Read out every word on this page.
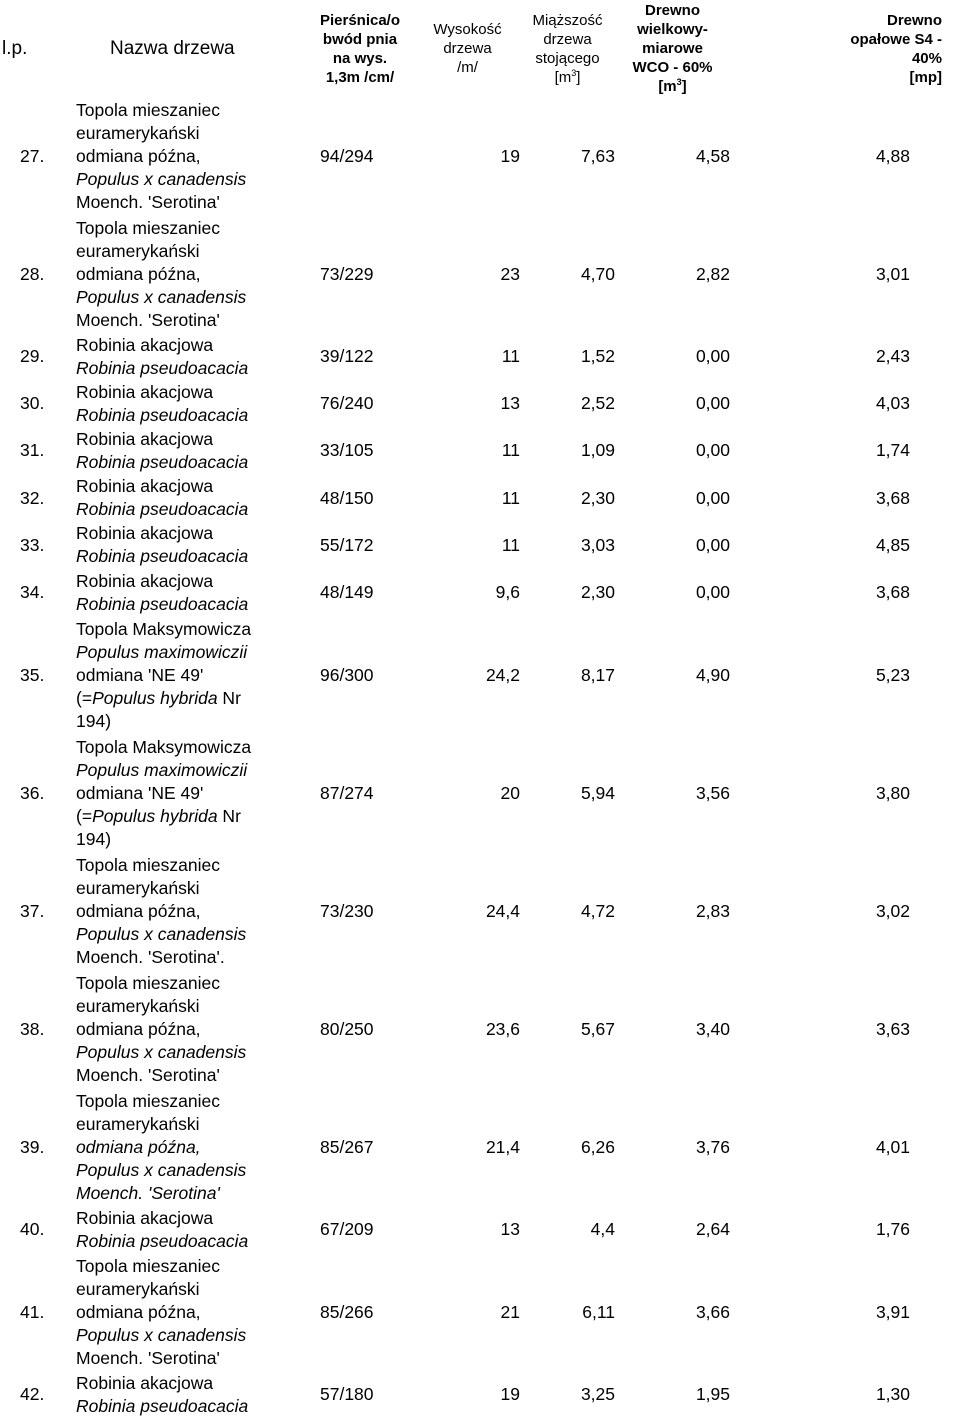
l.p.	Nazwa drzewa	Pierśnica/o
bwód pnia
na wys.
1,3m /cm/	Wysokość
drzewa
/m/	Miąższość
drzewa
stojącego
$[m^3]$	Drewno
wielkowy-
miarowe
WCO - 60%
$[m^3]$	Drewno
opałowe S4 -
40%
[mp]

27.	Topola mieszaniec
euramerykański
odmiana późna,
Populus x canadensis
Moench. 'Serotina'	94/294	19	7,63	4,58	4,88
28.	Topola mieszaniec
euramerykański
odmiana późna,
Populus x canadensis
Moench. 'Serotina'	73/229	23	4,70	2,82	3,01
29.	Robinia akacjowa
Robinia pseudoacacia	39/122	11	1,52	0,00	2,43
30.	Robinia akacjowa
Robinia pseudoacacia	76/240	13	2,52	0,00	4,03
31.	Robinia akacjowa
Robinia pseudoacacia	33/105	11	1,09	0,00	1,74
32.	Robinia akacjowa
Robinia pseudoacacia	48/150	11	2,30	0,00	3,68
33.	Robinia akacjowa
Robinia pseudoacacia	55/172	11	3,03	0,00	4,85
34.	Robinia akacjowa
Robinia pseudoacacia	48/149	9,6	2,30	0,00	3,68
35.	Topola Maksymowicza
Populus maximowiczii
odmiana 'NE 49'
(=Populus hybrida Nr
194)	96/300	24,2	8,17	4,90	5,23
36.	Topola Maksymowicza
Populus maximowiczii
odmiana 'NE 49'
(=Populus hybrida Nr
194)	87/274	20	5,94	3,56	3,80
37.	Topola mieszaniec
euramerykański
odmiana późna,
Populus x canadensis
Moench. 'Serotina'.	73/230	24,4	4,72	2,83	3,02
38.	Topola mieszaniec
euramerykański
odmiana późna,
Populus x canadensis
Moench. 'Serotina'	80/250	23,6	5,67	3,40	3,63
39.	Topola mieszaniec
euramerykański
odmiana późna,
Populus x canadensis
Moench. 'Serotina'	85/267	21,4	6,26	3,76	4,01
40.	Robinia akacjowa
Robinia pseudoacacia	67/209	13	4,4	2,64	1,76
41.	Topola mieszaniec
euramerykański
odmiana późna,
Populus x canadensis
Moench. 'Serotina'	85/266	21	6,11	3,66	3,91
42.	Robinia akacjowa
Robinia pseudoacacia	57/180	19	3,25	1,95	1,30
